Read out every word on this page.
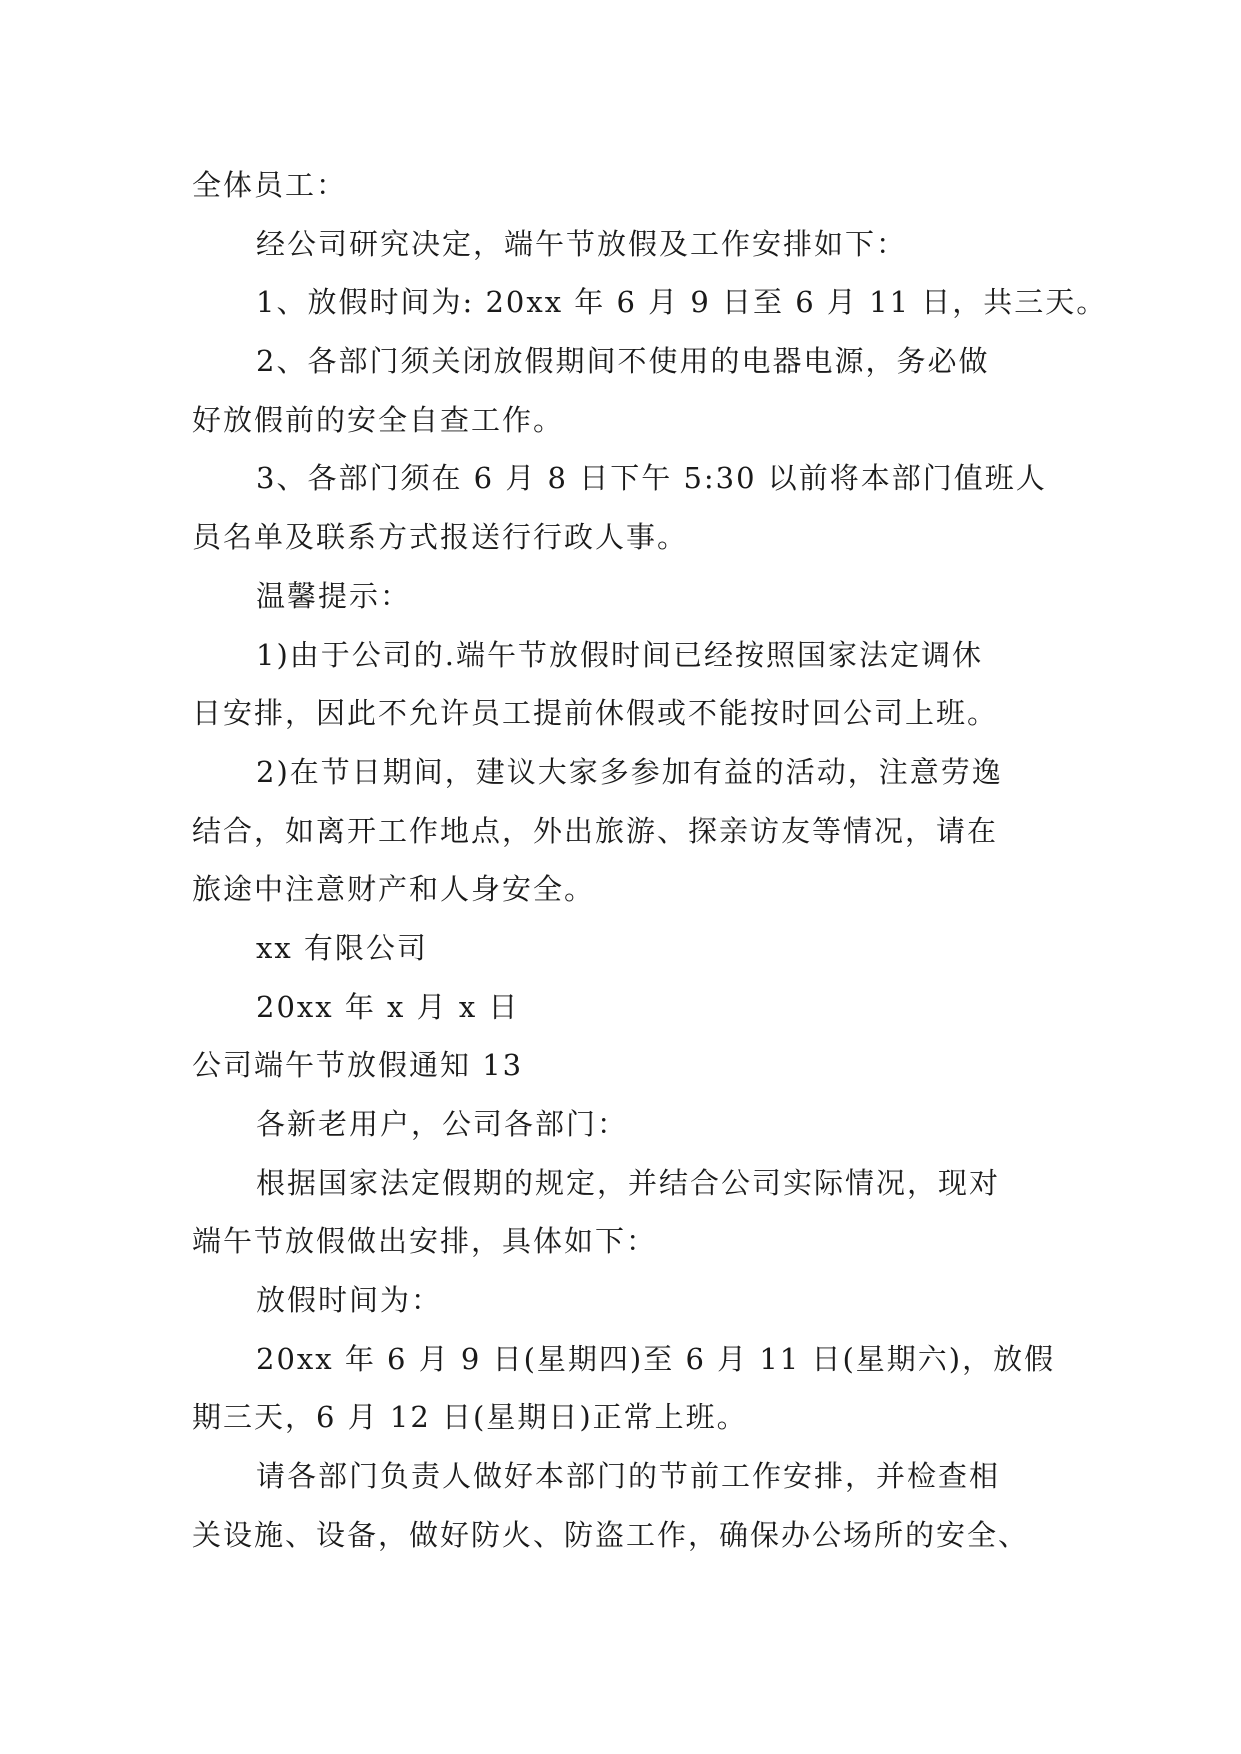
全体员工：
经公司研究决定，端午节放假及工作安排如下：
1、放假时间为: 20xx 年 6 月 9 日至 6 月 11 日，共三天。
2、各部门须关闭放假期间不使用的电器电源，务必做
好放假前的安全自查工作。
3、各部门须在 6 月 8 日下午 5:30 以前将本部门值班人
员名单及联系方式报送行行政人事。
温馨提示：
1)由于公司的.端午节放假时间已经按照国家法定调休
日安排，因此不允许员工提前休假或不能按时回公司上班。
2)在节日期间，建议大家多参加有益的活动，注意劳逸
结合，如离开工作地点，外出旅游、探亲访友等情况，请在
旅途中注意财产和人身安全。
xx 有限公司
20xx 年 x 月 x 日
公司端午节放假通知 13
各新老用户，公司各部门：
根据国家法定假期的规定，并结合公司实际情况，现对
端午节放假做出安排，具体如下：
放假时间为：
20xx 年 6 月 9 日(星期四)至 6 月 11 日(星期六)，放假
期三天，6 月 12 日(星期日)正常上班。
请各部门负责人做好本部门的节前工作安排，并检查相
关设施、设备，做好防火、防盗工作，确保办公场所的安全、
